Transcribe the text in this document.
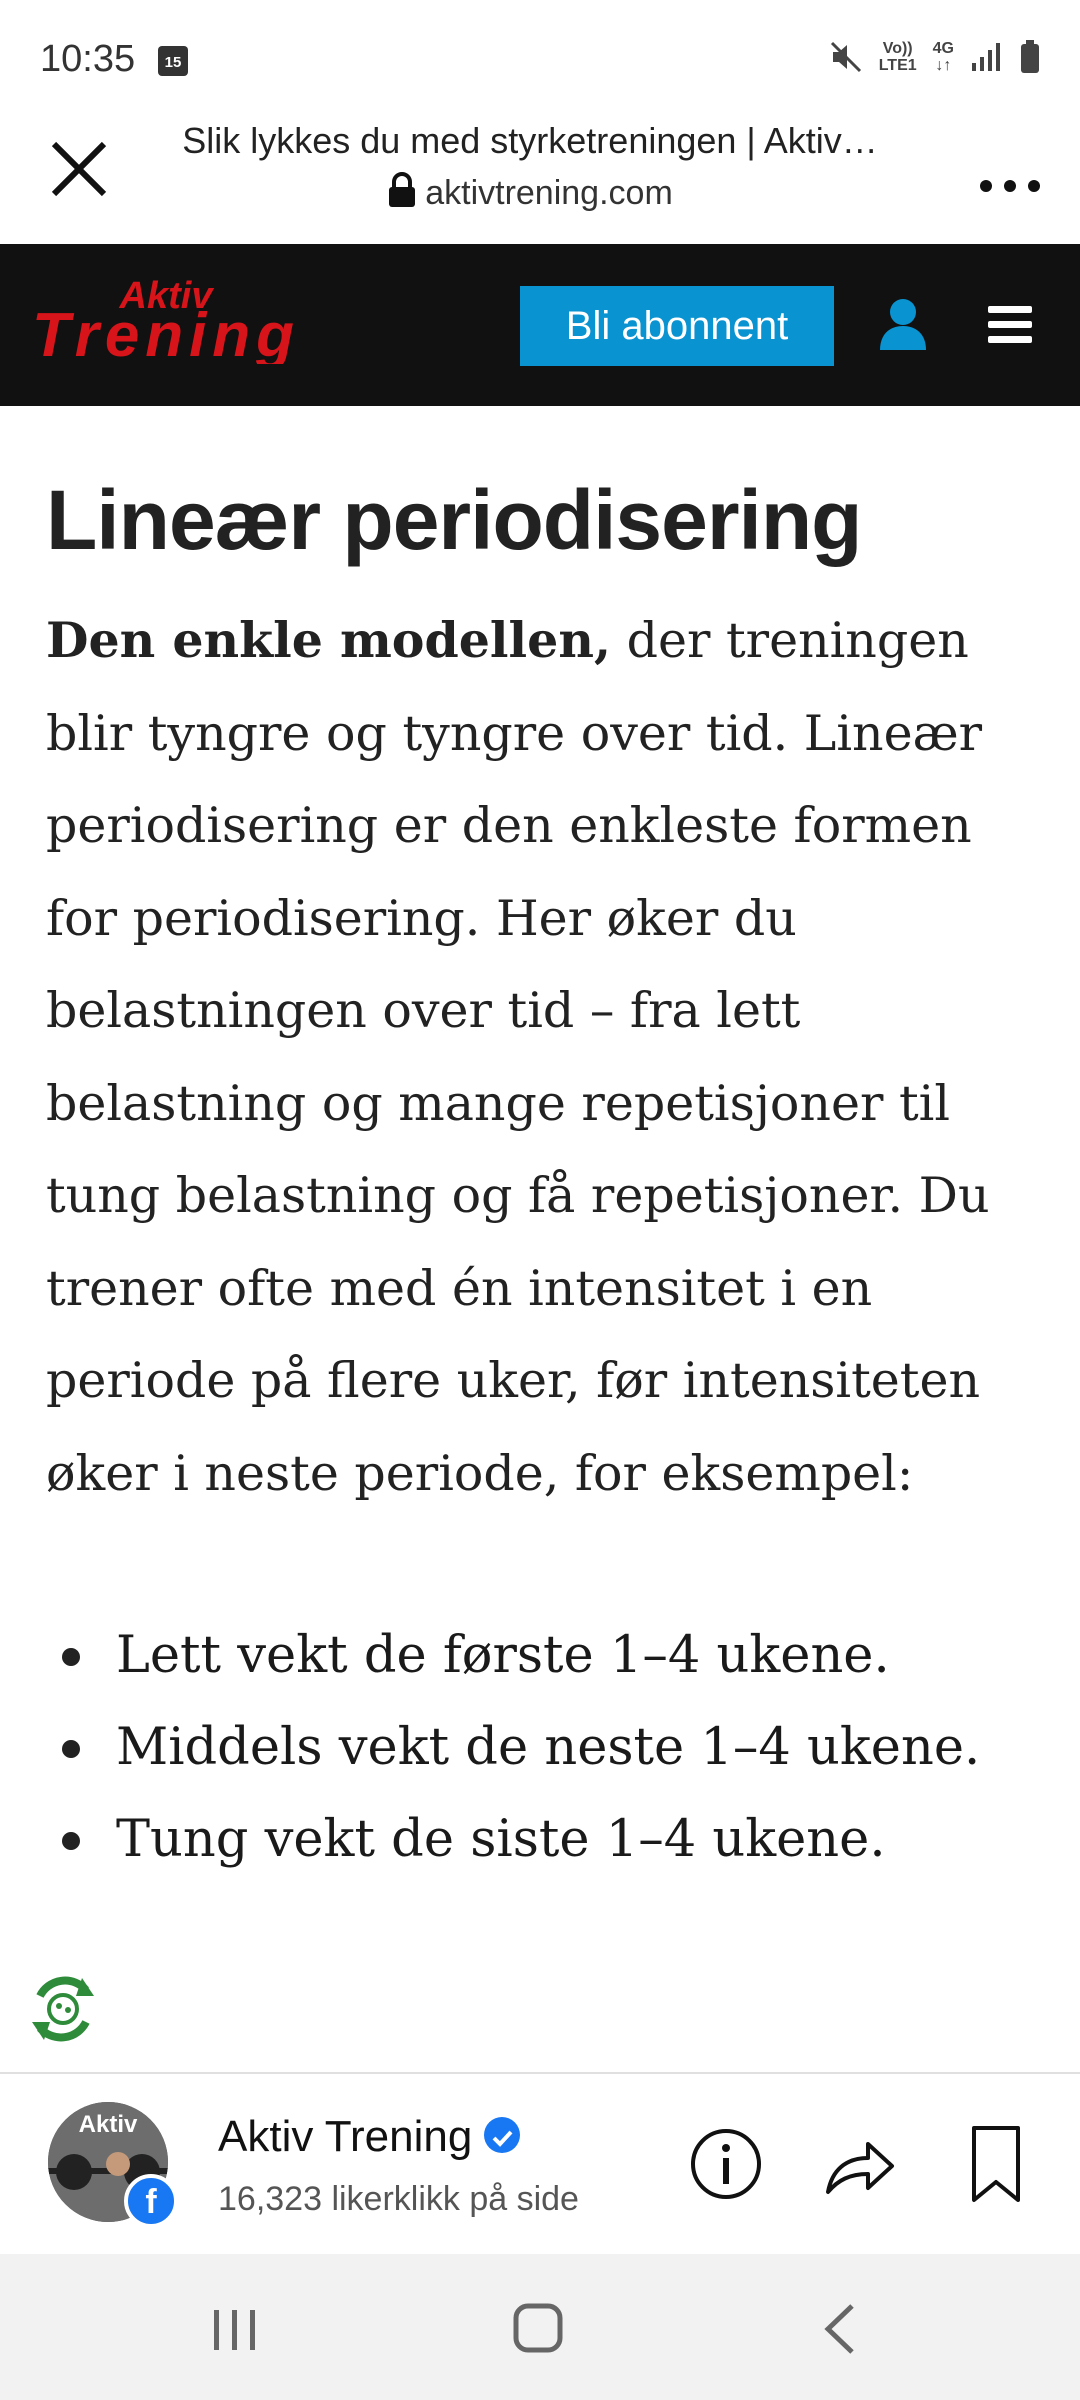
10:35	15
Vo))
LTE1
4G
↓↑
Slik lykkes du med styrketreningen | Aktiv…
aktivtrening.com
Aktiv
Trening	Bli abonnent
Lineær periodisering

Den enkle modellen, der treningen blir tyngre og tyngre over tid. Lineær periodisering er den enkleste formen for periodisering. Her øker du belastningen over tid – fra lett belastning og mange repetisjoner til tung belastning og få repetisjoner. Du trener ofte med én intensitet i en periode på flere uker, før intensiteten øker i neste periode, for eksempel:

Lett vekt de første 1–4 ukene.
Middels vekt de neste 1–4 ukene.
Tung vekt de siste 1–4 ukene.
Aktiv
f
Aktiv Trening
16,323 likerklikk på side
